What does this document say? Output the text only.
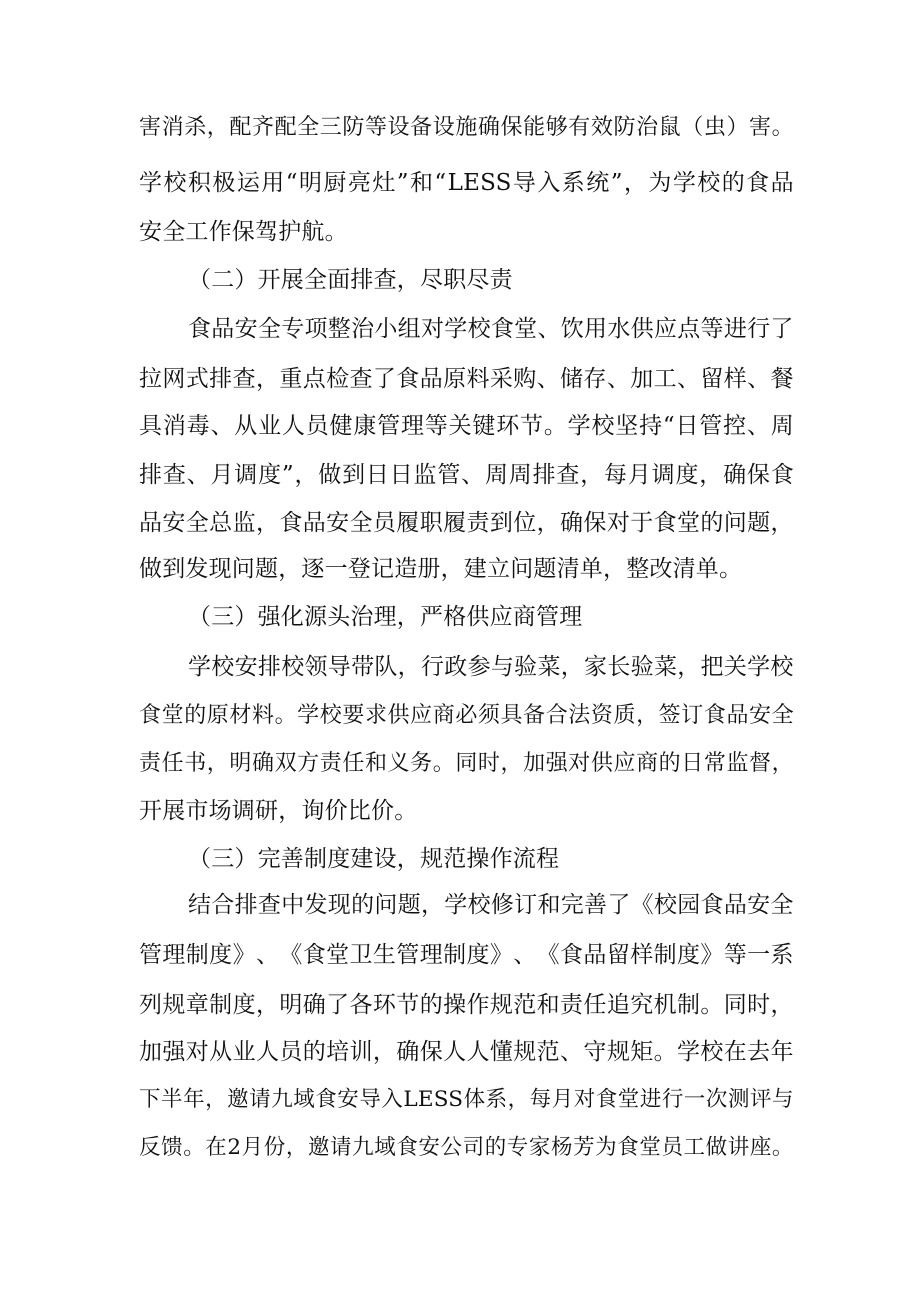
害 消 杀 ， 配 齐 配 全 三 防 等 设 备 设 施 确 保 能 够 有 效 防 治 鼠 （ 虫 ） 害 。
学 校 积 极 运 用 “ 明 厨 亮 灶 ” 和 “ LESS 导 入 系 统 ” ， 为 学 校 的 食 品
安全工作保驾护航。
（二）开展全面排查，尽职尽责
食 品 安 全 专 项 整 治 小 组 对 学 校 食 堂 、 饮 用 水 供 应 点 等 进 行 了
拉 网 式 排 查 ， 重 点 检 查 了 食 品 原 料 采 购 、 储 存 、 加 工 、 留 样 、 餐
具 消 毒 、 从 业 人 员 健 康 管 理 等 关 键 环 节 。 学 校 坚 持 “ 日 管 控 、 周
排 查 、 月 调 度 ” ， 做 到 日 日 监 管 、 周 周 排 查 ， 每 月 调 度 ， 确 保 食
品 安 全 总 监 ， 食 品 安 全 员 履 职 履 责 到 位 ， 确 保 对 于 食 堂 的 问 题 ，
做到发现问题，逐一登记造册，建立问题清单，整改清单。
（三）强化源头治理，严格供应商管理
学 校 安 排 校 领 导 带 队 ， 行 政 参 与 验 菜 ， 家 长 验 菜 ， 把 关 学 校
食 堂 的 原 材 料 。 学 校 要 求 供 应 商 必 须 具 备 合 法 资 质 ， 签 订 食 品 安 全
责 任 书 ， 明 确 双 方 责 任 和 义 务 。 同 时 ， 加 强 对 供 应 商 的 日 常 监 督 ，
开展市场调研，询价比价。
（三）完善制度建设，规范操作流程
结 合 排 查 中 发 现 的 问 题 ， 学 校 修 订 和 完 善 了 《 校 园 食 品 安 全
管 理 制 度 》 、 《 食 堂 卫 生 管 理 制 度 》 、 《 食 品 留 样 制 度 》 等 一 系
列 规 章 制 度 ， 明 确 了 各 环 节 的 操 作 规 范 和 责 任 追 究 机 制 。 同 时 ，
加 强 对 从 业 人 员 的 培 训 ， 确 保 人 人 懂 规 范 、 守 规 矩 。 学 校 在 去 年
下 半 年 ， 邀 请 九 域 食 安 导 入 LESS 体 系 ， 每 月 对 食 堂 进 行 一 次 测 评 与
反 馈 。 在 2 月 份 ， 邀 请 九 域 食 安 公 司 的 专 家 杨 芳 为 食 堂 员 工 做 讲 座 。
